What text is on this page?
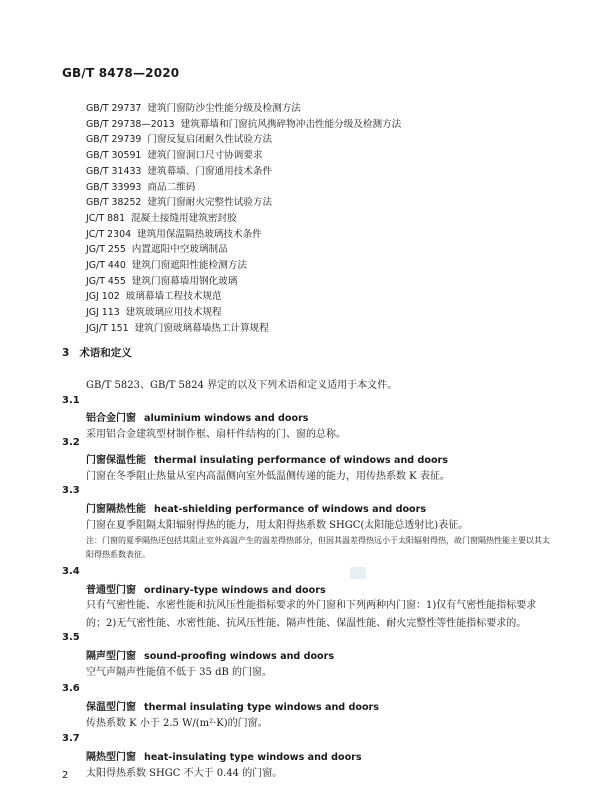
GB/T 8478—2020
GB/T 29737 建筑门窗防沙尘性能分级及检测方法
GB/T 29738—2013 建筑幕墙和门窗抗风携碎物冲击性能分级及检测方法
GB/T 29739 门窗反复启闭耐久性试验方法
GB/T 30591 建筑门窗洞口尺寸协调要求
GB/T 31433 建筑幕墙、门窗通用技术条件
GB/T 33993 商品二维码
GB/T 38252 建筑门窗耐火完整性试验方法
JC/T 881 混凝土接缝用建筑密封胶
JC/T 2304 建筑用保温隔热玻璃技术条件
JG/T 255 内置遮阳中空玻璃制品
JG/T 440 建筑门窗遮阳性能检测方法
JG/T 455 建筑门窗幕墙用钢化玻璃
JGJ 102 玻璃幕墙工程技术规范
JGJ 113 建筑玻璃应用技术规程
JGJ/T 151 建筑门窗玻璃幕墙热工计算规程
3 术语和定义
GB/T 5823、GB/T 5824 界定的以及下列术语和定义适用于本文件。
3.1
铝合金门窗 aluminium windows and doors
采用铝合金建筑型材制作框、扇杆件结构的门、窗的总称。
3.2
门窗保温性能 thermal insulating performance of windows and doors
门窗在冬季阻止热量从室内高温侧向室外低温侧传递的能力，用传热系数 K 表征。
3.3
门窗隔热性能 heat-shielding performance of windows and doors
门窗在夏季阻隔太阳辐射得热的能力，用太阳得热系数 SHGC(太阳能总透射比)表征。
注：门窗的夏季隔热还包括其阻止室外高温产生的温差得热部分，但因其温差得热远小于太阳辐射得热，故门窗隔热性能主要以其太阳得热系数表征。
3.4
普通型门窗 ordinary-type windows and doors
只有气密性能、水密性能和抗风压性能指标要求的外门窗和下列两种内门窗：1)仅有气密性能指标要求的；2)无气密性能、水密性能、抗风压性能、隔声性能、保温性能、耐火完整性等性能指标要求的。
3.5
隔声型门窗 sound-proofing windows and doors
空气声隔声性能值不低于 35 dB 的门窗。
3.6
保温型门窗 thermal insulating type windows and doors
传热系数 K 小于 2.5 W/(m²·K)的门窗。
3.7
隔热型门窗 heat-insulating type windows and doors
太阳得热系数 SHGC 不大于 0.44 的门窗。
2
